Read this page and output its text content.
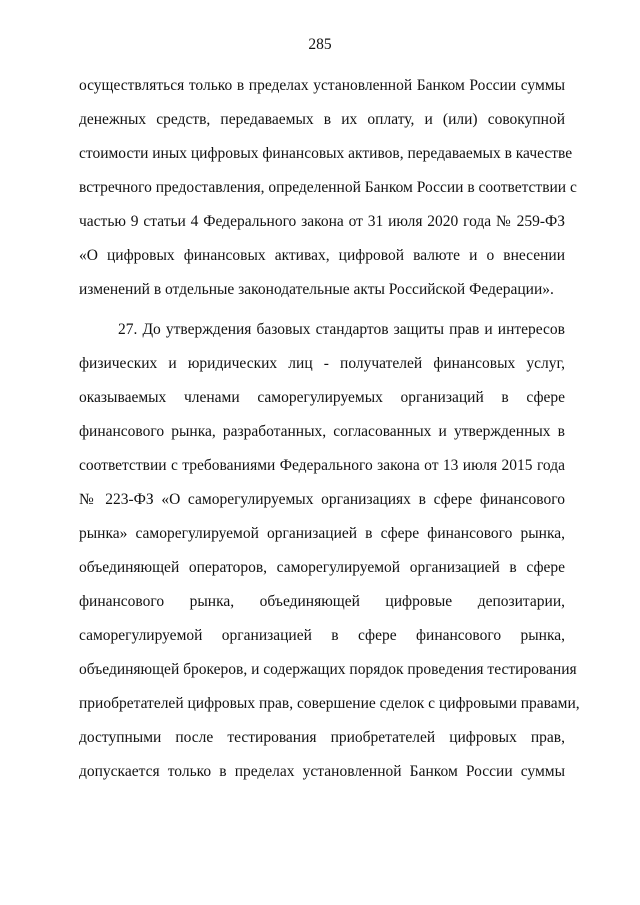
285
осуществляться только в пределах установленной Банком России суммы
денежных средств, передаваемых в их оплату, и (или) совокупной
стоимости иных цифровых финансовых активов, передаваемых в качестве
встречного предоставления, определенной Банком России в соответствии с
частью 9 статьи 4 Федерального закона от 31 июля 2020 года № 259-ФЗ
«О цифровых финансовых активах, цифровой валюте и о внесении
изменений в отдельные законодательные акты Российской Федерации».
27. До утверждения базовых стандартов защиты прав и интересов
физических и юридических лиц - получателей финансовых услуг,
оказываемых членами саморегулируемых организаций в сфере
финансового рынка, разработанных, согласованных и утвержденных в
соответствии с требованиями Федерального закона от 13 июля 2015 года
№ 223-ФЗ «О саморегулируемых организациях в сфере финансового
рынка» саморегулируемой организацией в сфере финансового рынка,
объединяющей операторов, саморегулируемой организацией в сфере
финансового рынка, объединяющей цифровые депозитарии,
саморегулируемой организацией в сфере финансового рынка,
объединяющей брокеров, и содержащих порядок проведения тестирования
приобретателей цифровых прав, совершение сделок с цифровыми правами,
доступными после тестирования приобретателей цифровых прав,
допускается только в пределах установленной Банком России суммы
